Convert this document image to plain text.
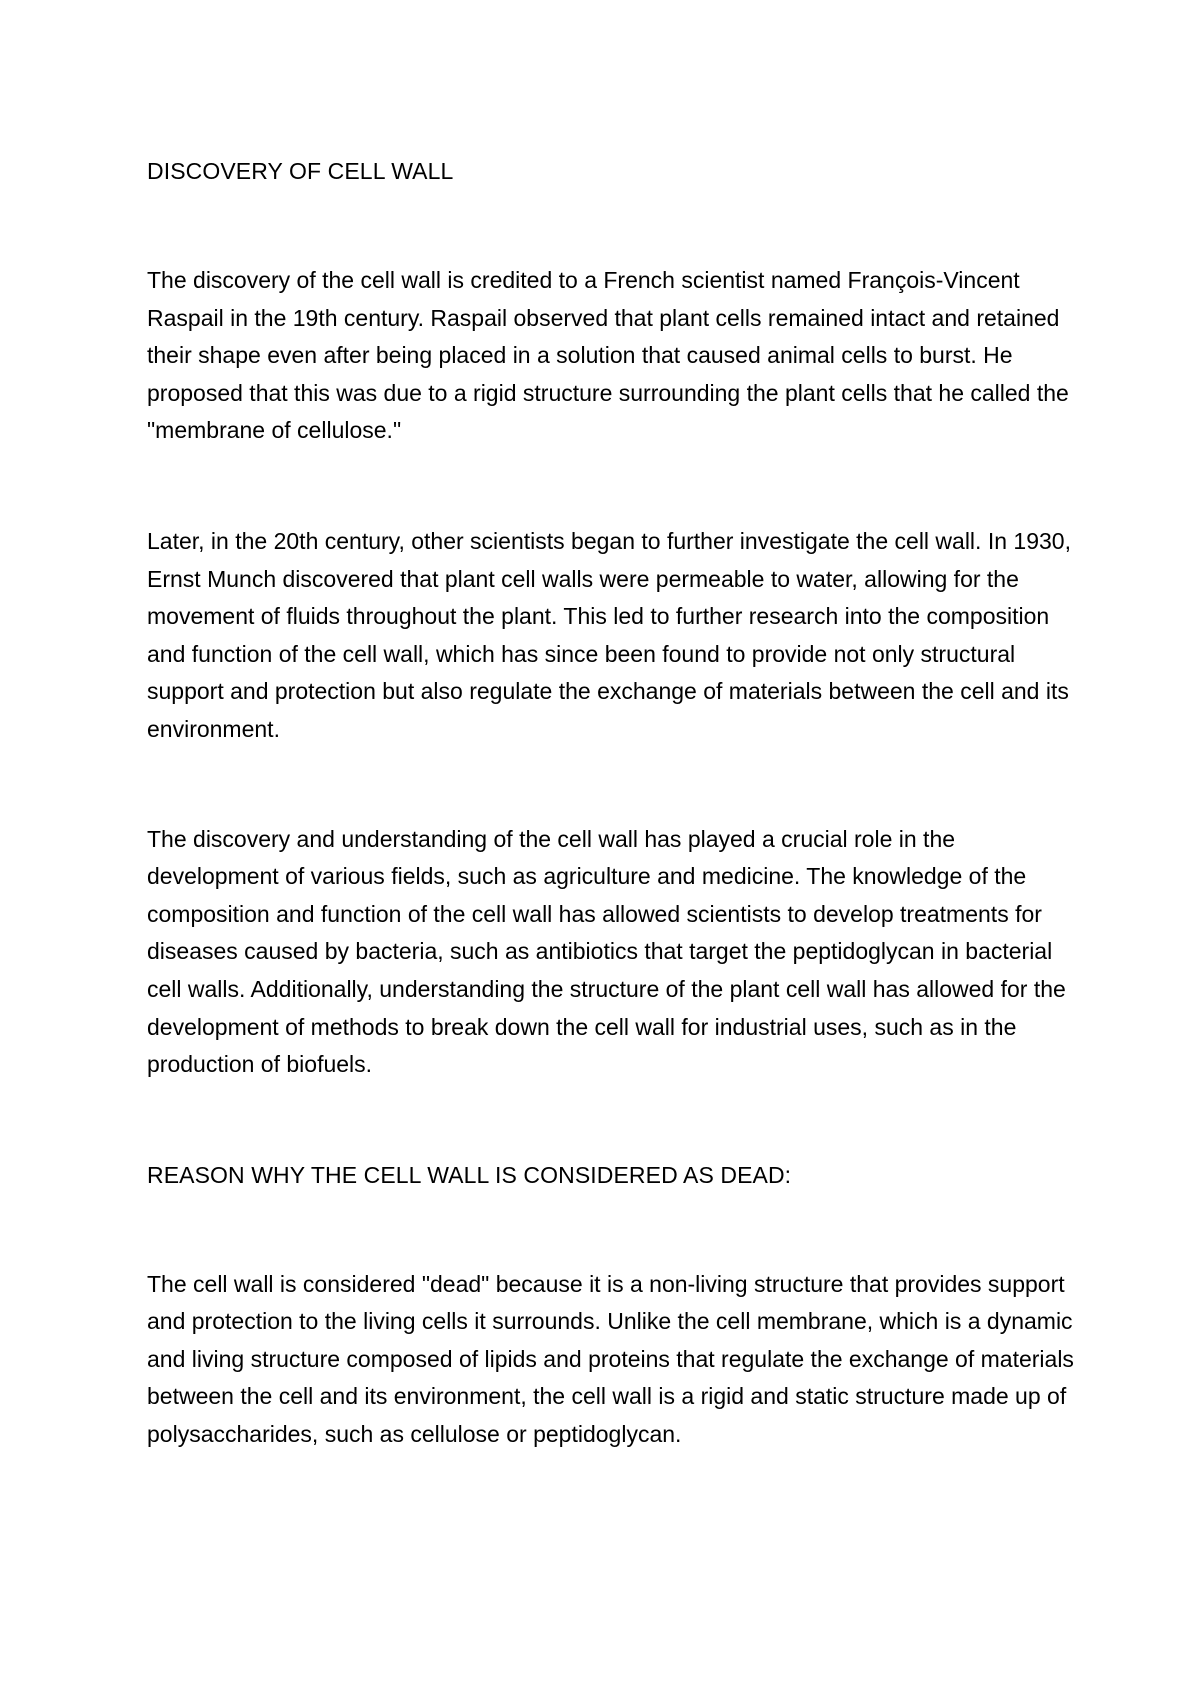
DISCOVERY OF CELL WALL

The discovery of the cell wall is credited to a French scientist named François-Vincent Raspail in the 19th century. Raspail observed that plant cells remained intact and retained their shape even after being placed in a solution that caused animal cells to burst. He proposed that this was due to a rigid structure surrounding the plant cells that he called the "membrane of cellulose."

Later, in the 20th century, other scientists began to further investigate the cell wall. In 1930, Ernst Munch discovered that plant cell walls were permeable to water, allowing for the movement of fluids throughout the plant. This led to further research into the composition and function of the cell wall, which has since been found to provide not only structural support and protection but also regulate the exchange of materials between the cell and its environment.

The discovery and understanding of the cell wall has played a crucial role in the development of various fields, such as agriculture and medicine. The knowledge of the composition and function of the cell wall has allowed scientists to develop treatments for diseases caused by bacteria, such as antibiotics that target the peptidoglycan in bacterial cell walls. Additionally, understanding the structure of the plant cell wall has allowed for the development of methods to break down the cell wall for industrial uses, such as in the production of biofuels.

REASON WHY THE CELL WALL IS CONSIDERED AS DEAD:

The cell wall is considered "dead" because it is a non-living structure that provides support and protection to the living cells it surrounds. Unlike the cell membrane, which is a dynamic and living structure composed of lipids and proteins that regulate the exchange of materials between the cell and its environment, the cell wall is a rigid and static structure made up of polysaccharides, such as cellulose or peptidoglycan.
